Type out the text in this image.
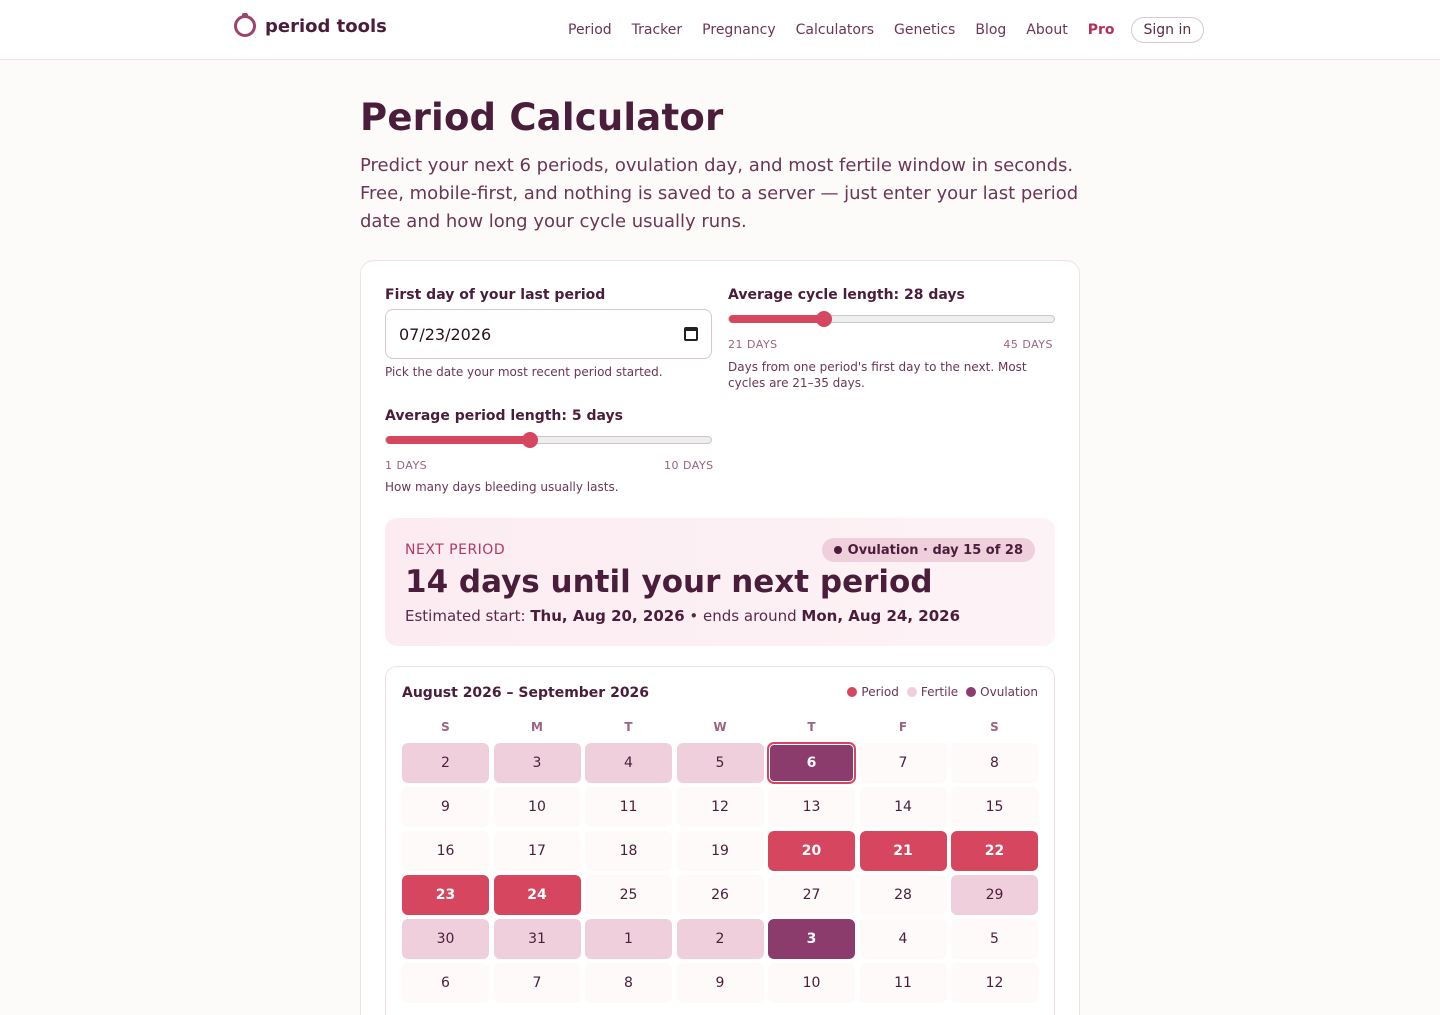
period tools	Period	Tracker	Pregnancy	Calculators	Genetics	Blog	About	Pro	Sign in
Period Calculator

Predict your next 6 periods, ovulation day, and most fertile window in seconds. Free, mobile-first, and nothing is saved to a server — just enter your last period date and how long your cycle usually runs.

First day of your last period
07/23/2026
Pick the date your most recent period started.
Average cycle length: 28 days
21 DAYS	45 DAYS
Days from one period's first day to the next. Most cycles are 21–35 days.
Average period length: 5 days
1 DAYS	10 DAYS
How many days bleeding usually lasts.
NEXT PERIOD
14 days until your next period
Estimated start: Thu, Aug 20, 2026 • ends around Mon, Aug 24, 2026
Ovulation · day 15 of 28
August 2026 – September 2026	Period Fertile Ovulation
S	M	T	W	T	F	S
2	3	4	5	6	7	8
9	10	11	12	13	14	15
16	17	18	19	20	21	22
23	24	25	26	27	28	29
30	31	1	2	3	4	5
6	7	8	9	10	11	12
